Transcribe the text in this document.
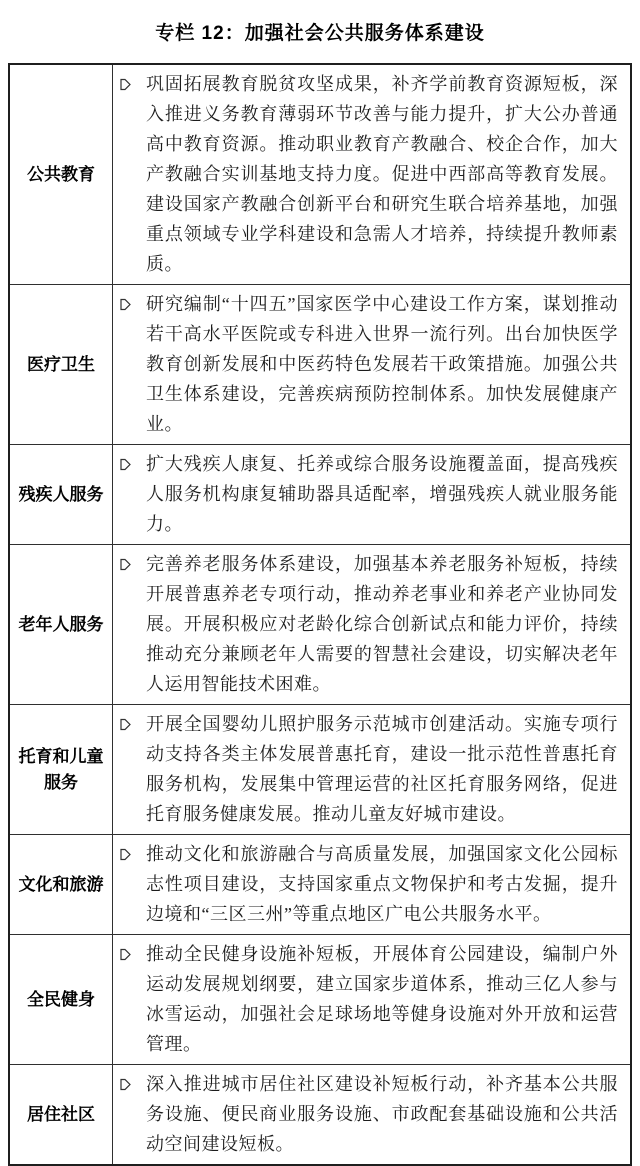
专栏 12：加强社会公共服务体系建设
公共教育
巩固拓展教育脱贫攻坚成果，补齐学前教育资源短板，深入推进义务教育薄弱环节改善与能力提升，扩大公办普通高中教育资源。推动职业教育产教融合、校企合作，加大产教融合实训基地支持力度。促进中西部高等教育发展。建设国家产教融合创新平台和研究生联合培养基地，加强重点领域专业学科建设和急需人才培养，持续提升教师素质。
医疗卫生
研究编制“十四五”国家医学中心建设工作方案，谋划推动若干高水平医院或专科进入世界一流行列。出台加快医学教育创新发展和中医药特色发展若干政策措施。加强公共卫生体系建设，完善疾病预防控制体系。加快发展健康产业。
残疾人服务
扩大残疾人康复、托养或综合服务设施覆盖面，提高残疾人服务机构康复辅助器具适配率，增强残疾人就业服务能力。
老年人服务
完善养老服务体系建设，加强基本养老服务补短板，持续开展普惠养老专项行动，推动养老事业和养老产业协同发展。开展积极应对老龄化综合创新试点和能力评价，持续推动充分兼顾老年人需要的智慧社会建设，切实解决老年人运用智能技术困难。
托育和儿童服务
开展全国婴幼儿照护服务示范城市创建活动。实施专项行动支持各类主体发展普惠托育，建设一批示范性普惠托育服务机构，发展集中管理运营的社区托育服务网络，促进托育服务健康发展。推动儿童友好城市建设。
文化和旅游
推动文化和旅游融合与高质量发展，加强国家文化公园标志性项目建设，支持国家重点文物保护和考古发掘，提升边境和“三区三州”等重点地区广电公共服务水平。
全民健身
推动全民健身设施补短板，开展体育公园建设，编制户外运动发展规划纲要，建立国家步道体系，推动三亿人参与冰雪运动，加强社会足球场地等健身设施对外开放和运营管理。
居住社区
深入推进城市居住社区建设补短板行动，补齐基本公共服务设施、便民商业服务设施、市政配套基础设施和公共活动空间建设短板。
